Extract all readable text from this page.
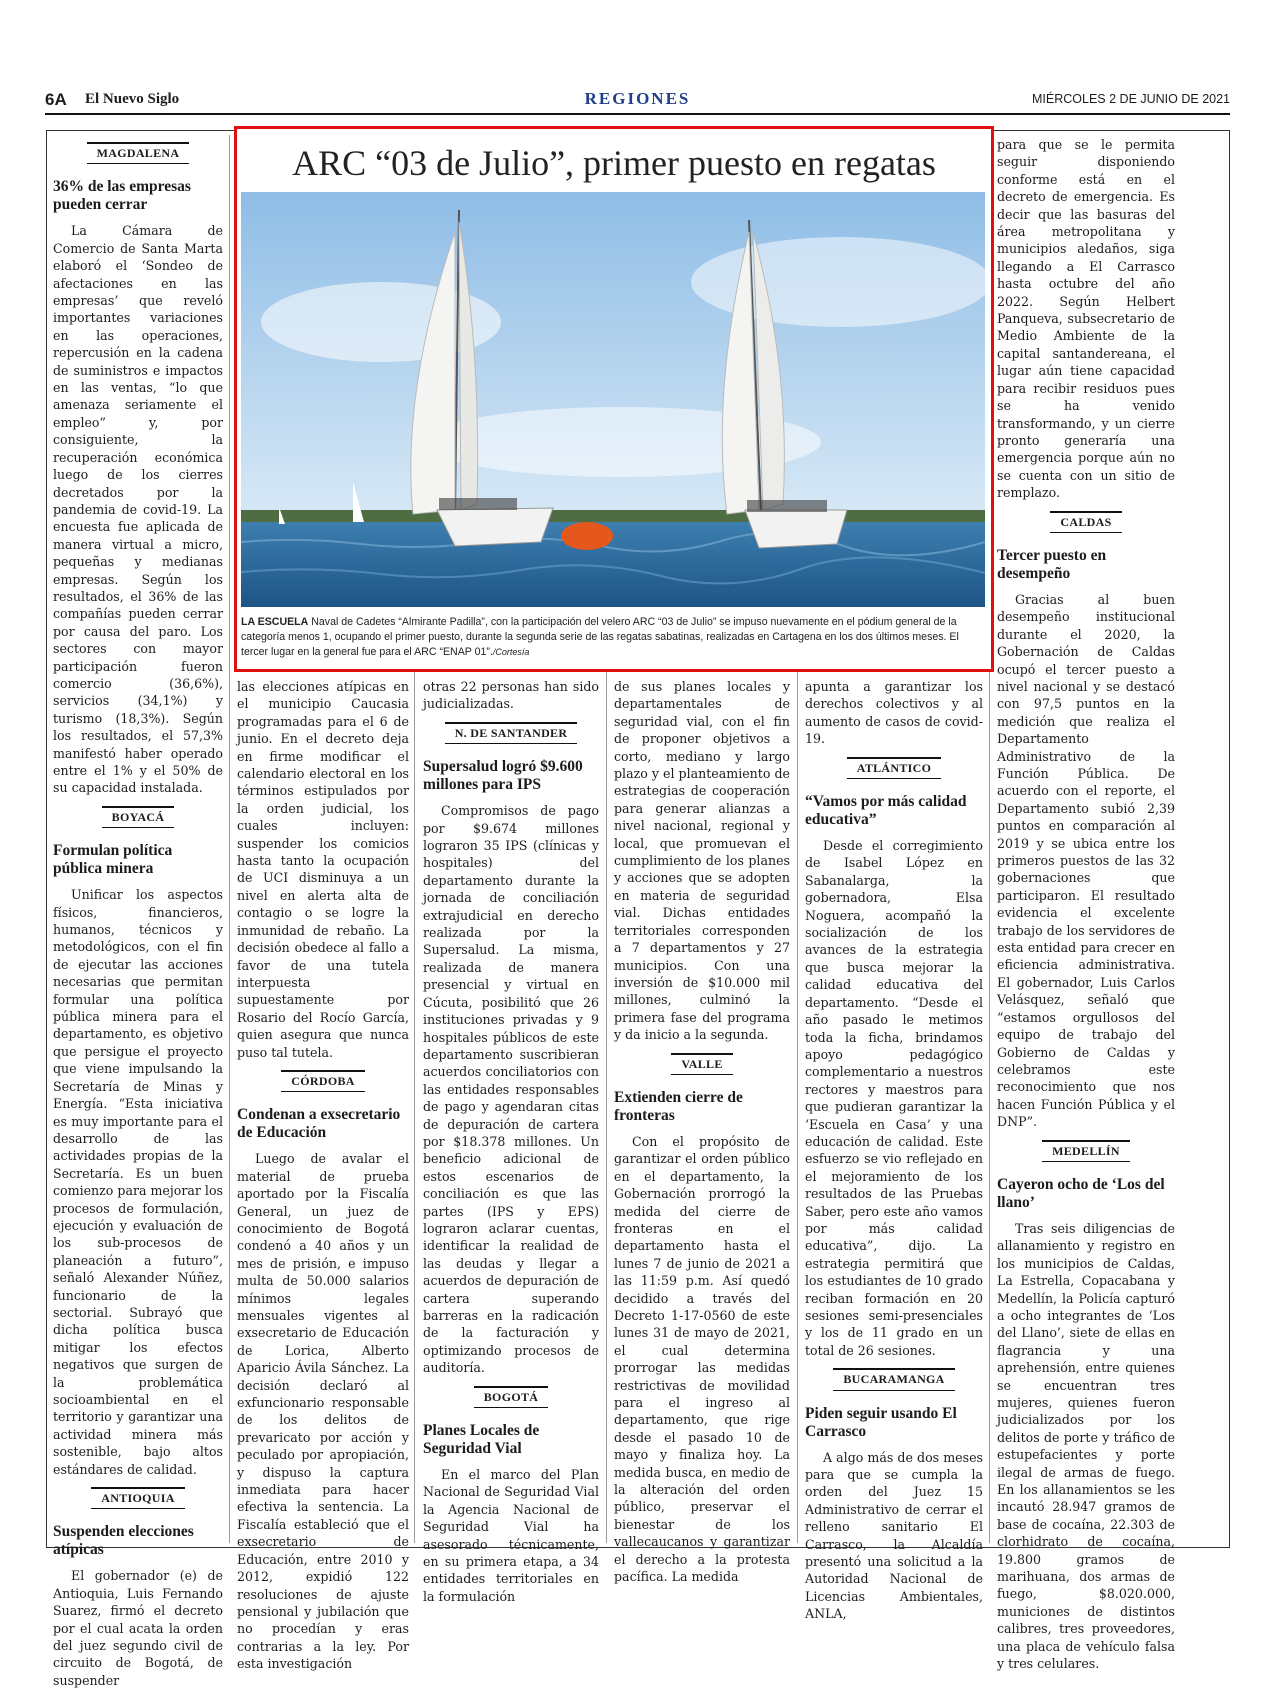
6A El Nuevo Siglo	REGIONES	MIÉRCOLES 2 DE JUNIO DE 2021
MAGDALENA
36% de las empresas pueden cerrar

La Cámara de Comercio de Santa Marta elaboró el ‘Sondeo de afectaciones en las empresas’ que reveló importantes variaciones en las operaciones, repercusión en la cadena de suministros e impactos en las ventas, “lo que amenaza seriamente el empleo” y, por consiguiente, la recuperación económica luego de los cierres decretados por la pandemia de covid-19. La encuesta fue aplicada de manera virtual a micro, pequeñas y medianas empresas. Según los resultados, el 36% de las compañías pueden cerrar por causa del paro. Los sectores con mayor participación fueron comercio (36,6%), servicios (34,1%) y turismo (18,3%). Según los resultados, el 57,3% manifestó haber operado entre el 1% y el 50% de su capacidad instalada.

BOYACÁ
Formulan política pública minera

Unificar los aspectos físicos, financieros, humanos, técnicos y metodológicos, con el fin de ejecutar las acciones necesarias que permitan formular una política pública minera para el departamento, es objetivo que persigue el proyecto que viene impulsando la Secretaría de Minas y Energía. “Esta iniciativa es muy importante para el desarrollo de las actividades propias de la Secretaría. Es un buen comienzo para mejorar los procesos de formulación, ejecución y evaluación de los sub-procesos de planeación a futuro”, señaló Alexander Núñez, funcionario de la sectorial. Subrayó que dicha política busca mitigar los efectos negativos que surgen de la problemática socioambiental en el territorio y garantizar una actividad minera más sostenible, bajo altos estándares de calidad.

ANTIOQUIA
Suspenden elecciones atípicas

El gobernador (e) de Antioquia, Luis Fernando Suarez, firmó el decreto por el cual acata la orden del juez segundo civil de circuito de Bogotá, de suspender

las elecciones atípicas en el municipio Caucasia programadas para el 6 de junio. En el decreto deja en firme modificar el calendario electoral en los términos estipulados por la orden judicial, los cuales incluyen: suspender los comicios hasta tanto la ocupación de UCI disminuya a un nivel en alerta alta de contagio o se logre la inmunidad de rebaño. La decisión obedece al fallo a favor de una tutela interpuesta supuestamente por Rosario del Rocío García, quien asegura que nunca puso tal tutela.
CÓRDOBA
Condenan a exsecretario de Educación

Luego de avalar el material de prueba aportado por la Fiscalía General, un juez de conocimiento de Bogotá condenó a 40 años y un mes de prisión, e impuso multa de 50.000 salarios mínimos legales mensuales vigentes al exsecretario de Educación de Lorica, Alberto Aparicio Ávila Sánchez. La decisión declaró al exfuncionario responsable de los delitos de prevaricato por acción y peculado por apropiación, y dispuso la captura inmediata para hacer efectiva la sentencia. La Fiscalía estableció que el exsecretario de Educación, entre 2010 y 2012, expidió 122 resoluciones de ajuste pensional y jubilación que no procedían y eras contrarias a la ley. Por esta investigación

otras 22 personas han sido judicializadas.
N. DE SANTANDER
Supersalud logró $9.600 millones para IPS

Compromisos de pago por $9.674 millones lograron 35 IPS (clínicas y hospitales) del departamento durante la jornada de conciliación extrajudicial en derecho realizada por la Supersalud. La misma, realizada de manera presencial y virtual en Cúcuta, posibilitó que 26 instituciones privadas y 9 hospitales públicos de este departamento suscribieran acuerdos conciliatorios con las entidades responsables de pago y agendaran citas de depuración de cartera por $18.378 millones. Un beneficio adicional de estos escenarios de conciliación es que las partes (IPS y EPS) lograron aclarar cuentas, identificar la realidad de las deudas y llegar a acuerdos de depuración de cartera superando barreras en la radicación de la facturación y optimizando procesos de auditoría.

BOGOTÁ
Planes Locales de Seguridad Vial

En el marco del Plan Nacional de Seguridad Vial la Agencia Nacional de Seguridad Vial ha asesorado técnicamente, en su primera etapa, a 34 entidades territoriales en la formulación

de sus planes locales y departamentales de seguridad vial, con el fin de proponer objetivos a corto, mediano y largo plazo y el planteamiento de estrategias de cooperación para generar alianzas a nivel nacional, regional y local, que promuevan el cumplimiento de los planes y acciones que se adopten en materia de seguridad vial. Dichas entidades territoriales corresponden a 7 departamentos y 27 municipios. Con una inversión de $10.000 mil millones, culminó la primera fase del programa y da inicio a la segunda.
VALLE
Extienden cierre de fronteras

Con el propósito de garantizar el orden público en el departamento, la Gobernación prorrogó la medida del cierre de fronteras en el departamento hasta el lunes 7 de junio de 2021 a las 11:59 p.m. Así quedó decidido a través del Decreto 1-17-0560 de este lunes 31 de mayo de 2021, el cual determina prorrogar las medidas restrictivas de movilidad para el ingreso al departamento, que rige desde el pasado 10 de mayo y finaliza hoy. La medida busca, en medio de la alteración del orden público, preservar el bienestar de los vallecaucanos y garantizar el derecho a la protesta pacífica. La medida

apunta a garantizar los derechos colectivos y al aumento de casos de covid-19.
ATLÁNTICO
“Vamos por más calidad educativa”

Desde el corregimiento de Isabel López en Sabanalarga, la gobernadora, Elsa Noguera, acompañó la socialización de los avances de la estrategia que busca mejorar la calidad educativa del departamento. “Desde el año pasado le metimos toda la ficha, brindamos apoyo pedagógico complementario a nuestros rectores y maestros para que pudieran garantizar la ‘Escuela en Casa’ y una educación de calidad. Este esfuerzo se vio reflejado en el mejoramiento de los resultados de las Pruebas Saber, pero este año vamos por más calidad educativa”, dijo. La estrategia permitirá que los estudiantes de 10 grado reciban formación en 20 sesiones semi-presenciales y los de 11 grado en un total de 26 sesiones.

BUCARAMANGA
Piden seguir usando El Carrasco

A algo más de dos meses para que se cumpla la orden del Juez 15 Administrativo de cerrar el relleno sanitario El Carrasco, la Alcaldía presentó una solicitud a la Autoridad Nacional de Licencias Ambientales, ANLA,

para que se le permita seguir disponiendo conforme está en el decreto de emergencia. Es decir que las basuras del área metropolitana y municipios aledaños, siga llegando a El Carrasco hasta octubre del año 2022. Según Helbert Panqueva, subsecretario de Medio Ambiente de la capital santandereana, el lugar aún tiene capacidad para recibir residuos pues se ha venido transformando, y un cierre pronto generaría una emergencia porque aún no se cuenta con un sitio de remplazo.
CALDAS
Tercer puesto en desempeño

Gracias al buen desempeño institucional durante el 2020, la Gobernación de Caldas ocupó el tercer puesto a nivel nacional y se destacó con 97,5 puntos en la medición que realiza el Departamento Administrativo de la Función Pública. De acuerdo con el reporte, el Departamento subió 2,39 puntos en comparación al 2019 y se ubica entre los primeros puestos de las 32 gobernaciones que participaron. El resultado evidencia el excelente trabajo de los servidores de esta entidad para crecer en eficiencia administrativa. El gobernador, Luis Carlos Velásquez, señaló que “estamos orgullosos del equipo de trabajo del Gobierno de Caldas y celebramos este reconocimiento que nos hacen Función Pública y el DNP”.

MEDELLÍN
Cayeron ocho de ‘Los del llano’

Tras seis diligencias de allanamiento y registro en los municipios de Caldas, La Estrella, Copacabana y Medellín, la Policía capturó a ocho integrantes de ‘Los del Llano’, siete de ellas en flagrancia y una aprehensión, entre quienes se encuentran tres mujeres, quienes fueron judicializados por los delitos de porte y tráfico de estupefacientes y porte ilegal de armas de fuego. En los allanamientos se les incautó 28.947 gramos de base de cocaína, 22.303 de clorhidrato de cocaína, 19.800 gramos de marihuana, dos armas de fuego, $8.020.000, municiones de distintos calibres, tres proveedores, una placa de vehículo falsa y tres celulares.

ARC “03 de Julio”, primer puesto en regatas
LA ESCUELA Naval de Cadetes “Almirante Padilla”, con la participación del velero ARC “03 de Julio” se impuso nuevamente en el pódium general de la categoría menos 1, ocupando el primer puesto, durante la segunda serie de las regatas sabatinas, realizadas en Cartagena en los dos últimos meses. El tercer lugar en la general fue para el ARC “ENAP 01”./Cortesía
